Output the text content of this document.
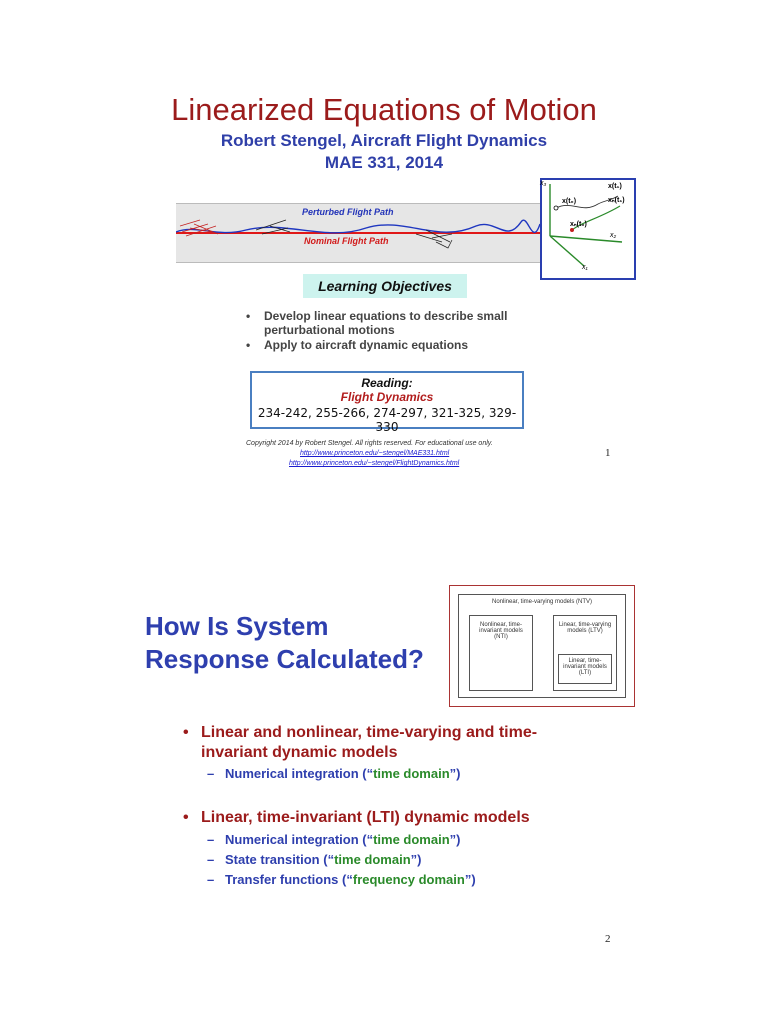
Linearized Equations of Motion
Robert Stengel, Aircraft Flight Dynamics
MAE 331, 2014
Perturbed Flight Path
Nominal Flight Path
x₃
x₂
x₁
x(t₀)
x(t₁)
xₙ(t₁)
xₙ(t₀)
Learning Objectives
• Develop linear equations to describe small perturbational motions
• Apply to aircraft dynamic equations
Reading:
Flight Dynamics
234-242, 255-266, 274-297, 321-325, 329-330
Copyright 2014 by Robert Stengel. All rights reserved. For educational use only.
http://www.princeton.edu/~stengel/MAE331.html
http://www.princeton.edu/~stengel/FlightDynamics.html
1
How Is System
Response Calculated?
Nonlinear, time-varying models (NTV)
Nonlinear, time-invariant models (NTI)
Linear, time-varying models (LTV)
Linear, time-invariant models (LTI)
• Linear and nonlinear, time-varying and time-invariant dynamic models
– Numerical integration (“time domain”)
• Linear, time-invariant (LTI) dynamic models
– Numerical integration (“time domain”)
– State transition (“time domain”)
– Transfer functions (“frequency domain”)
2
